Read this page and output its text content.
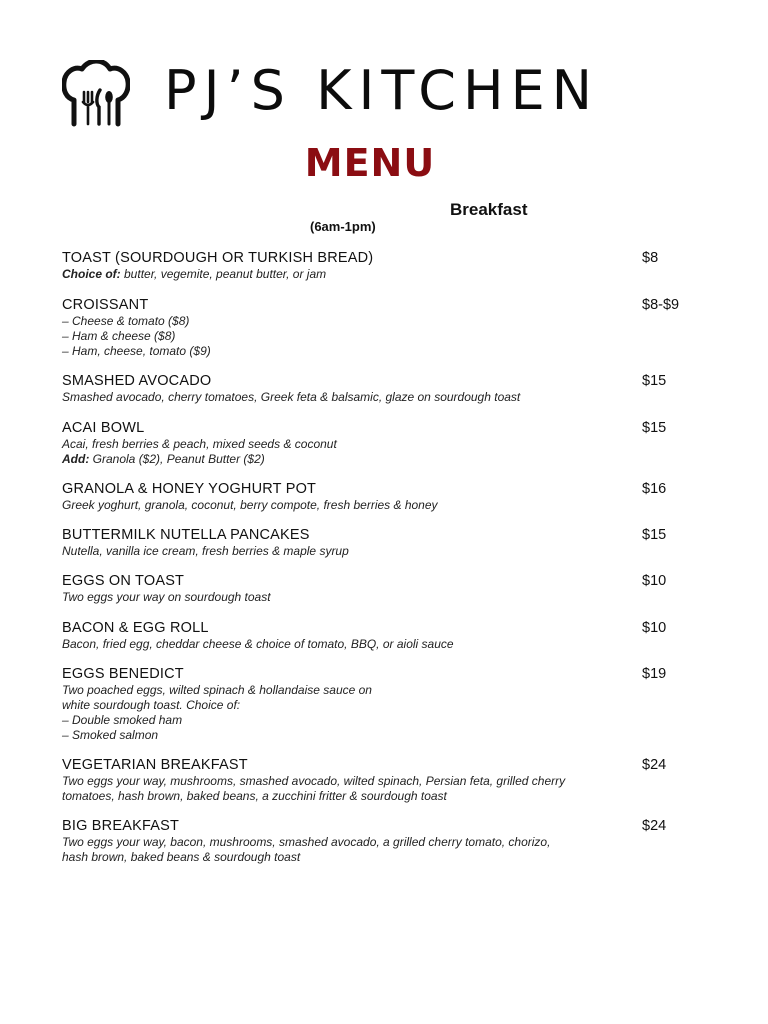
PJ’S KITCHEN
MENU
Breakfast
(6am-1pm)
TOAST (SOURDOUGH OR TURKISH BREAD)	$8
Choice of: butter, vegemite, peanut butter, or jam
CROISSANT	$8-$9
– Cheese & tomato ($8)
– Ham & cheese ($8)
– Ham, cheese, tomato ($9)
SMASHED AVOCADO	$15
Smashed avocado, cherry tomatoes, Greek feta & balsamic, glaze on sourdough toast
ACAI BOWL	$15
Acai, fresh berries & peach, mixed seeds & coconut
Add: Granola ($2), Peanut Butter ($2)
GRANOLA & HONEY YOGHURT POT	$16
Greek yoghurt, granola, coconut, berry compote, fresh berries & honey
BUTTERMILK NUTELLA PANCAKES	$15
Nutella, vanilla ice cream, fresh berries & maple syrup
EGGS ON TOAST	$10
Two eggs your way on sourdough toast
BACON & EGG ROLL	$10
Bacon, fried egg, cheddar cheese & choice of tomato, BBQ, or aioli sauce
EGGS BENEDICT	$19
Two poached eggs, wilted spinach & hollandaise sauce on
white sourdough toast. Choice of:
– Double smoked ham
– Smoked salmon
VEGETARIAN BREAKFAST	$24
Two eggs your way, mushrooms, smashed avocado, wilted spinach, Persian feta, grilled cherry
tomatoes, hash brown, baked beans, a zucchini fritter & sourdough toast
BIG BREAKFAST	$24
Two eggs your way, bacon, mushrooms, smashed avocado, a grilled cherry tomato, chorizo,
hash brown, baked beans & sourdough toast
